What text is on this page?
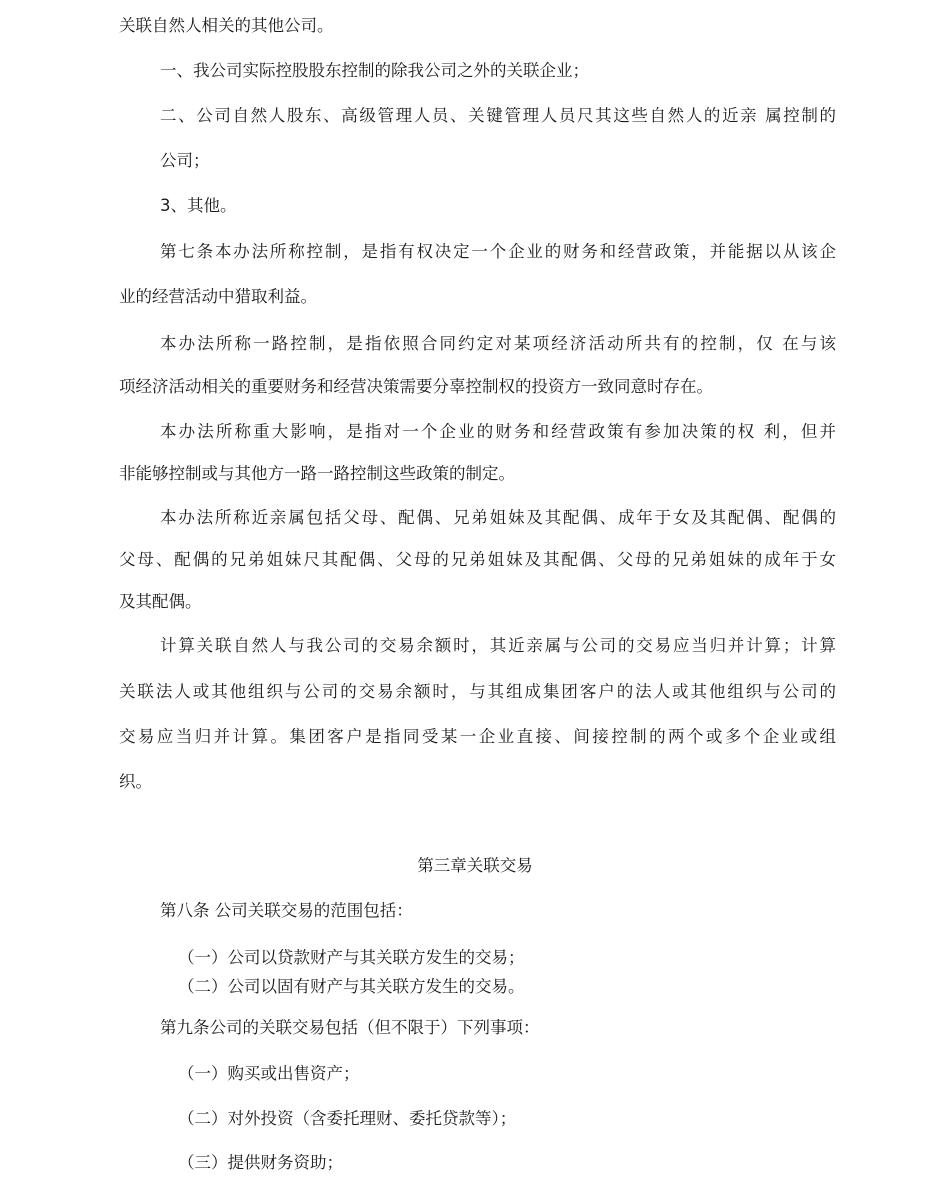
关联自然人相关的其他公司。
一、我公司实际控股股东控制的除我公司之外的关联企业；
二、公司自然人股东、高级管理人员、关键管理人员尺其这些自然人的近亲 属控制的
公司；
3、其他。
第七条本办法所称控制，是指有权决定一个企业的财务和经营政策，并能据以从该企
业的经营活动中猎取利益。
本办法所称一路控制，是指依照合同约定对某项经济活动所共有的控制，仅 在与该
项经济活动相关的重要财务和经营决策需要分辜控制权的投资方一致同意时存在。
本办法所称重大影响，是指对一个企业的财务和经营政策有参加决策的权 利，但并
非能够控制或与其他方一路一路控制这些政策的制定。
本办法所称近亲属包括父母、配偶、兄弟姐妹及其配偶、成年于女及其配偶、配偶的
父母、配偶的兄弟姐妹尺其配偶、父母的兄弟姐妹及其配偶、父母的兄弟姐妹的成年于女
及其配偶。
计算关联自然人与我公司的交易余额时，其近亲属与公司的交易应当归并计算；计算
关联法人或其他组织与公司的交易余额时，与其组成集团客户的法人或其他组织与公司的
交易应当归并计算。集团客户是指同受某一企业直接、间接控制的两个或多个企业或组
织。
第三章关联交易
第八条 公司关联交易的范围包括：
（一）公司以贷款财产与其关联方发生的交易；
（二）公司以固有财产与其关联方发生的交易。
第九条公司的关联交易包括（但不限于）下列事项：
（一）购买或出售资产；
（二）对外投资（含委托理财、委托贷款等）；
（三）提供财务资助；
